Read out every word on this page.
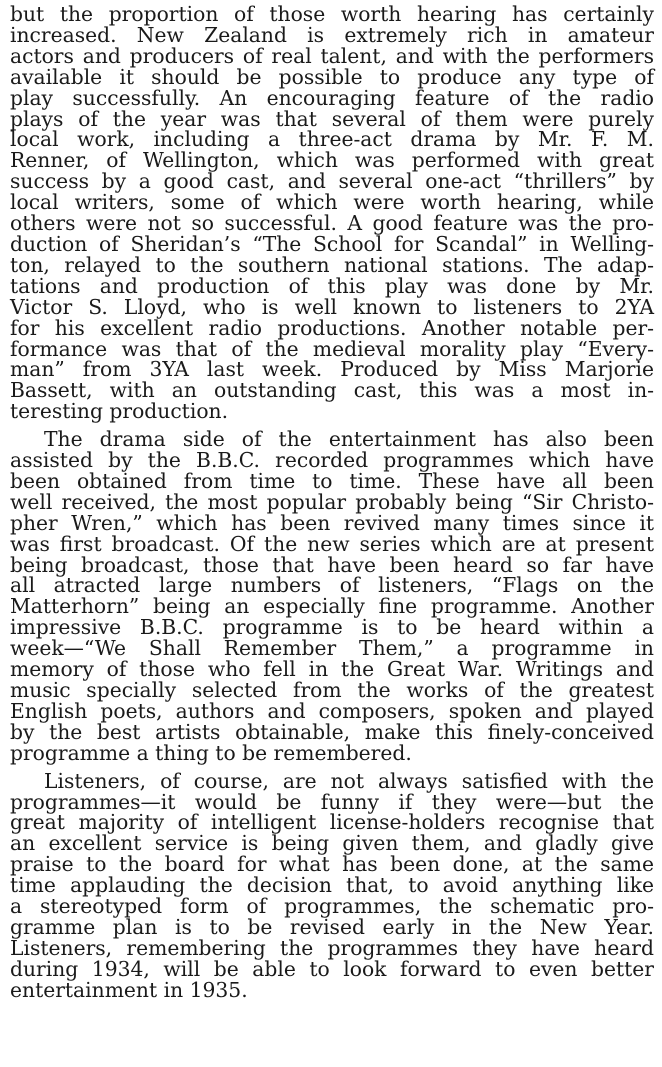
but the proportion of those worth hearing has certainly
increased. New Zealand is extremely rich in amateur
actors and producers of real talent, and with the performers
available it should be possible to produce any type of
play successfully. An encouraging feature of the radio
plays of the year was that several of them were purely
local work, including a three-act drama by Mr. F. M.
Renner, of Wellington, which was performed with great
success by a good cast, and several one-act “thrillers” by
local writers, some of which were worth hearing, while
others were not so successful. A good feature was the pro-
duction of Sheridan’s “The School for Scandal” in Welling-
ton, relayed to the southern national stations. The adap-
tations and production of this play was done by Mr.
Victor S. Lloyd, who is well known to listeners to 2YA
for his excellent radio productions. Another notable per-
formance was that of the medieval morality play “Every-
man” from 3YA last week. Produced by Miss Marjorie
Bassett, with an outstanding cast, this was a most in-
teresting production.
The drama side of the entertainment has also been
assisted by the B.B.C. recorded programmes which have
been obtained from time to time. These have all been
well received, the most popular probably being “Sir Christo-
pher Wren,” which has been revived many times since it
was first broadcast. Of the new series which are at present
being broadcast, those that have been heard so far have
all atracted large numbers of listeners, “Flags on the
Matterhorn” being an especially fine programme. Another
impressive B.B.C. programme is to be heard within a
week—“We Shall Remember Them,” a programme in
memory of those who fell in the Great War. Writings and
music specially selected from the works of the greatest
English poets, authors and composers, spoken and played
by the best artists obtainable, make this finely-conceived
programme a thing to be remembered.
Listeners, of course, are not always satisfied with the
programmes—it would be funny if they were—but the
great majority of intelligent license-holders recognise that
an excellent service is being given them, and gladly give
praise to the board for what has been done, at the same
time applauding the decision that, to avoid anything like
a stereotyped form of programmes, the schematic pro-
gramme plan is to be revised early in the New Year.
Listeners, remembering the programmes they have heard
during 1934, will be able to look forward to even better
entertainment in 1935.
